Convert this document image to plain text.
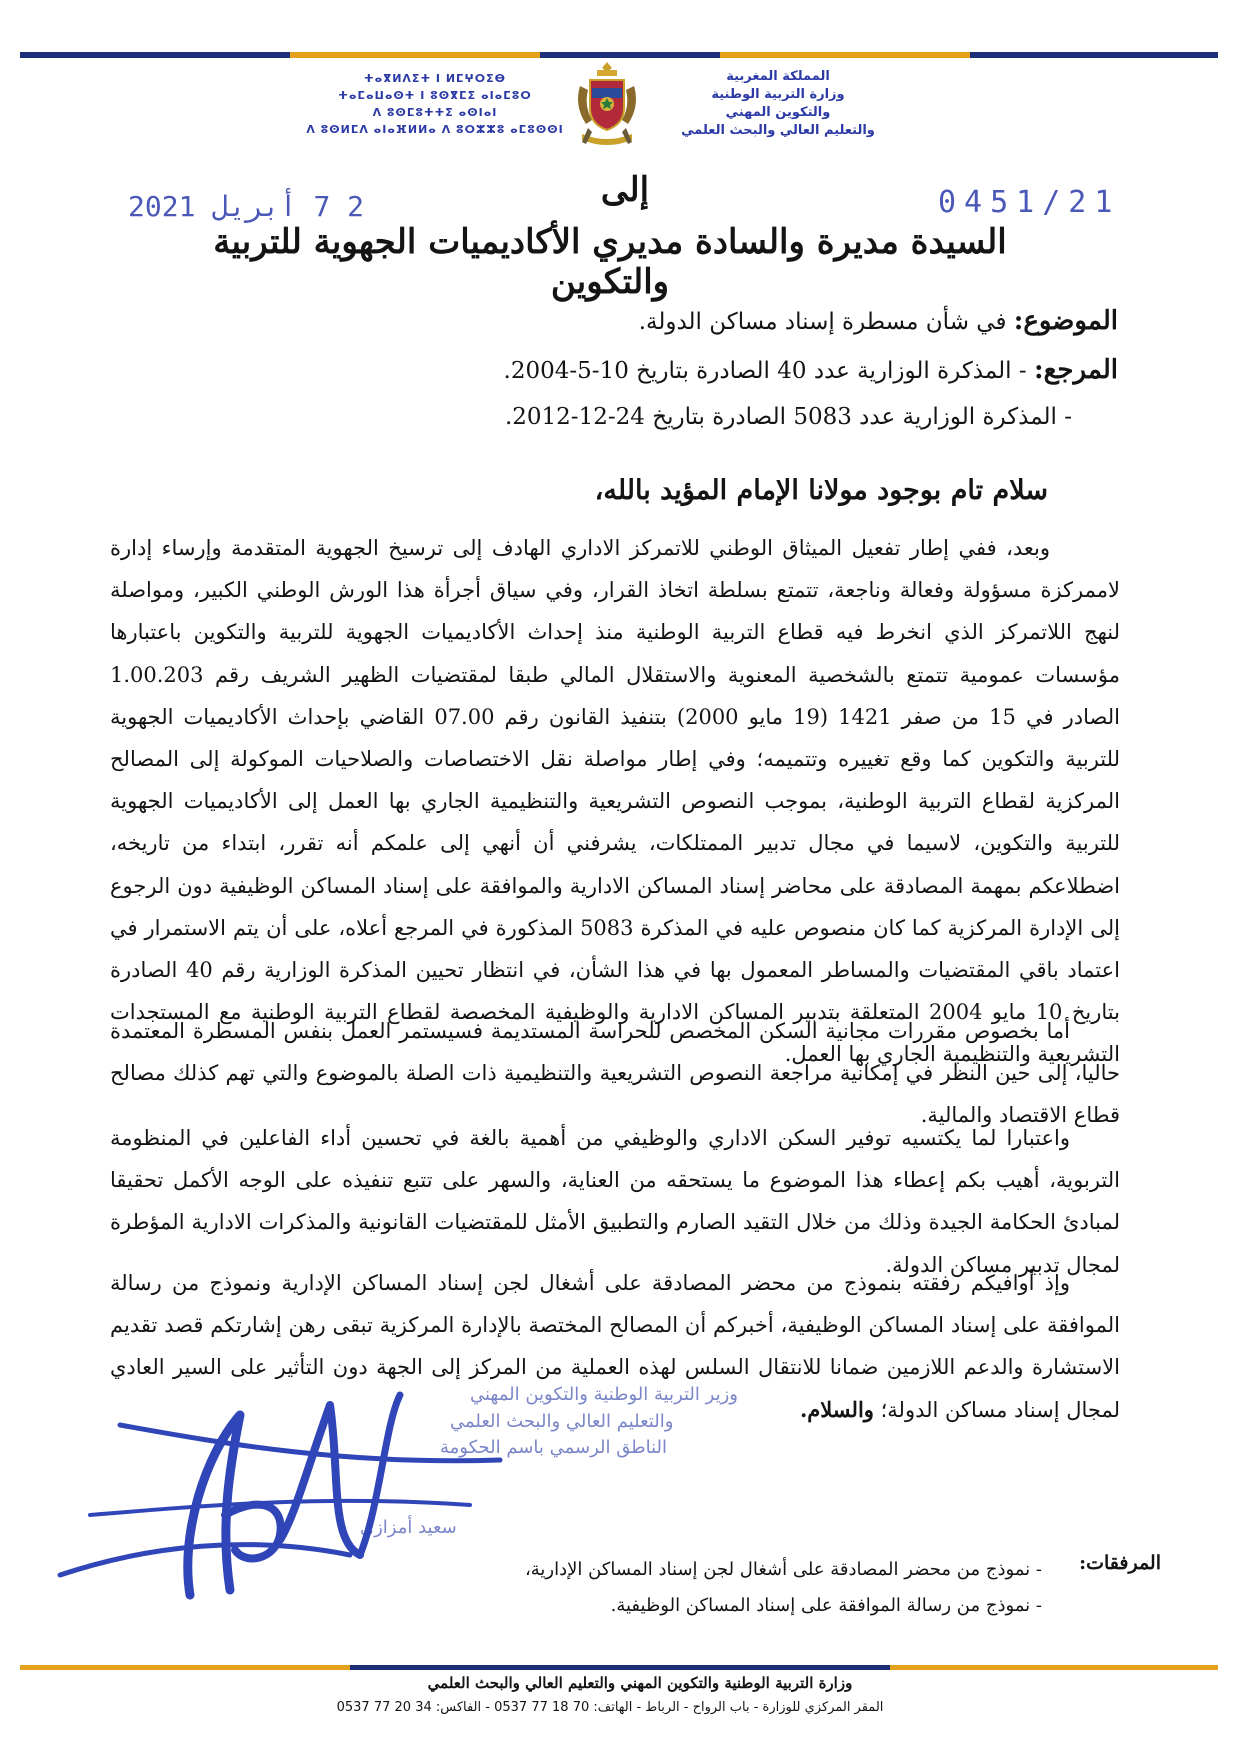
المملكة المغربية
وزارة التربية الوطنية
والتكوين المهني
والتعليم العالي والبحث العلمي
ⵜⴰⴳⵍⴷⵉⵜ ⵏ ⵍⵎⵖⵔⵉⴱ
ⵜⴰⵎⴰⵡⴰⵙⵜ ⵏ ⵓⵙⴳⵎⵉ ⴰⵏⴰⵎⵓⵔ
ⴷ ⵓⵙⵎⵓⵜⵜⵉ ⴰⵙⵏⴰⵏ
ⴷ ⵓⵙⵍⵎⴷ ⴰⵏⴰⴼⵍⵍⴰ ⴷ ⵓⵔⵣⵣⵓ ⴰⵎⵓⵙⵙⵏ
0451/21
2 7 أبريل 2021	إلى
السيدة مديرة والسادة مديري الأكاديميات الجهوية للتربية والتكوين
الموضوع: في شأن مسطرة إسناد مساكن الدولة.
المرجع: - المذكرة الوزارية عدد 40 الصادرة بتاريخ 10-5-2004.
- المذكرة الوزارية عدد 5083 الصادرة بتاريخ 24-12-2012.
سلام تام بوجود مولانا الإمام المؤيد بالله،

وبعد، ففي إطار تفعيل الميثاق الوطني للاتمركز الاداري الهادف إلى ترسيخ الجهوية المتقدمة وإرساء إدارة لاممركزة مسؤولة وفعالة وناجعة، تتمتع بسلطة اتخاذ القرار، وفي سياق أجرأة هذا الورش الوطني الكبير، ومواصلة لنهج اللاتمركز الذي انخرط فيه قطاع التربية الوطنية منذ إحداث الأكاديميات الجهوية للتربية والتكوين باعتبارها مؤسسات عمومية تتمتع بالشخصية المعنوية والاستقلال المالي طبقا لمقتضيات الظهير الشريف رقم 1.00.203 الصادر في 15 من صفر 1421 (19 مايو 2000) بتنفيذ القانون رقم 07.00 القاضي بإحداث الأكاديميات الجهوية للتربية والتكوين كما وقع تغييره وتتميمه؛ وفي إطار مواصلة نقل الاختصاصات والصلاحيات الموكولة إلى المصالح المركزية لقطاع التربية الوطنية، بموجب النصوص التشريعية والتنظيمية الجاري بها العمل إلى الأكاديميات الجهوية للتربية والتكوين، لاسيما في مجال تدبير الممتلكات، يشرفني أن أنهي إلى علمكم أنه تقرر، ابتداء من تاريخه، اضطلاعكم بمهمة المصادقة على محاضر إسناد المساكن الادارية والموافقة على إسناد المساكن الوظيفية دون الرجوع إلى الإدارة المركزية كما كان منصوص عليه في المذكرة 5083 المذكورة في المرجع أعلاه، على أن يتم الاستمرار في اعتماد باقي المقتضيات والمساطر المعمول بها في هذا الشأن، في انتظار تحيين المذكرة الوزارية رقم 40 الصادرة بتاريخ 10 مايو 2004 المتعلقة بتدبير المساكن الادارية والوظيفية المخصصة لقطاع التربية الوطنية مع المستجدات التشريعية والتنظيمية الجاري بها العمل.

أما بخصوص مقررات مجانية السكن المخصص للحراسة المستديمة فسيستمر العمل بنفس المسطرة المعتمدة حاليا، إلى حين النظر في إمكانية مراجعة النصوص التشريعية والتنظيمية ذات الصلة بالموضوع والتي تهم كذلك مصالح قطاع الاقتصاد والمالية.

واعتبارا لما يكتسيه توفير السكن الاداري والوظيفي من أهمية بالغة في تحسين أداء الفاعلين في المنظومة التربوية، أهيب بكم إعطاء هذا الموضوع ما يستحقه من العناية، والسهر على تتبع تنفيذه على الوجه الأكمل تحقيقا لمبادئ الحكامة الجيدة وذلك من خلال التقيد الصارم والتطبيق الأمثل للمقتضيات القانونية والمذكرات الادارية المؤطرة لمجال تدبير مساكن الدولة.

وإذ أوافيكم رفقته بنموذج من محضر المصادقة على أشغال لجن إسناد المساكن الإدارية ونموذج من رسالة الموافقة على إسناد المساكن الوظيفية، أخبركم أن المصالح المختصة بالإدارة المركزية تبقى رهن إشارتكم قصد تقديم الاستشارة والدعم اللازمين ضمانا للانتقال السلس لهذه العملية من المركز إلى الجهة دون التأثير على السير العادي لمجال إسناد مساكن الدولة؛ والسلام.

وزير التربية الوطنية والتكوين المهني
والتعليم العالي والبحث العلمي
الناطق الرسمي باسم الحكومة
سعيد أمزازي
المرفقات:
- نموذج من محضر المصادقة على أشغال لجن إسناد المساكن الإدارية،
- نموذج من رسالة الموافقة على إسناد المساكن الوظيفية.
وزارة التربية الوطنية والتكوين المهني والتعليم العالي والبحث العلمي
المقر المركزي للوزارة - باب الرواح - الرباط - الهاتف: 70 18 77 0537 - الفاكس: 34 20 77 0537
